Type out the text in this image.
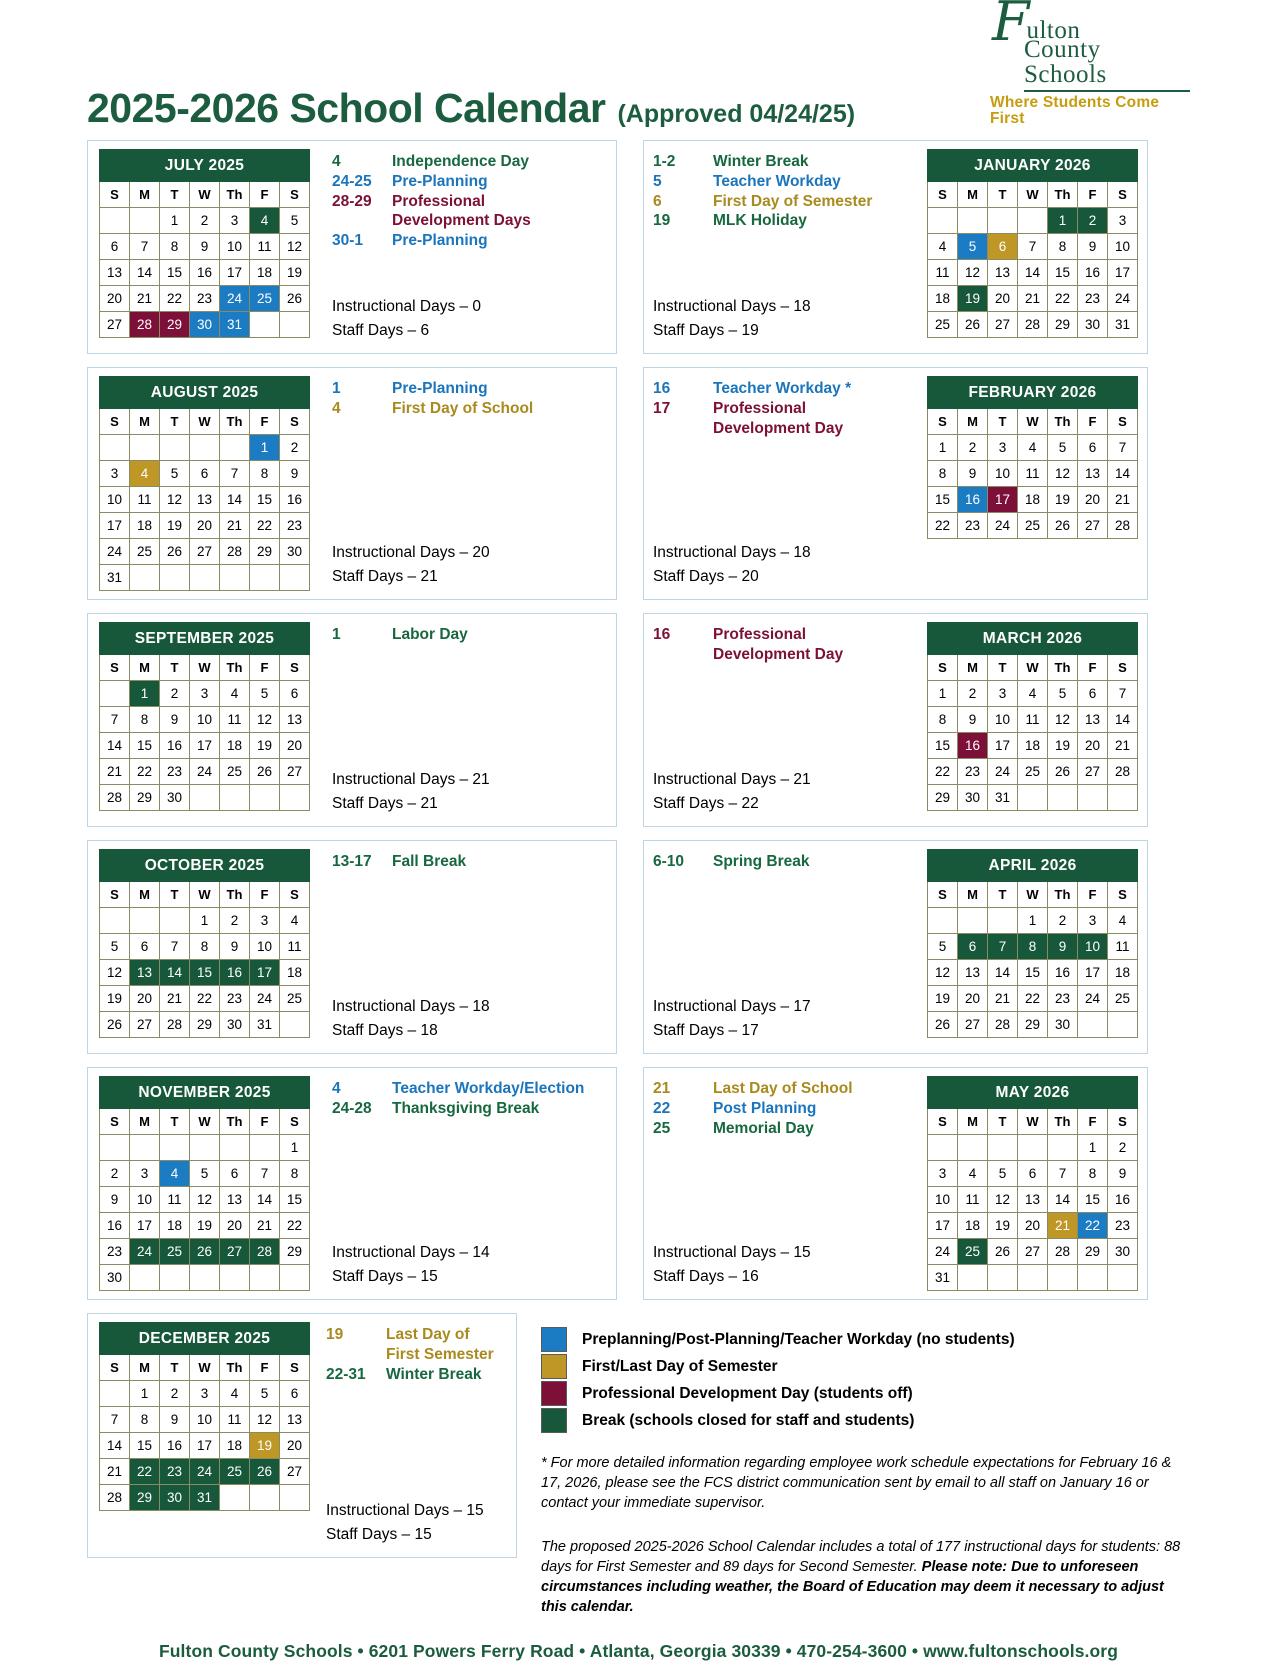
2025-2026 School Calendar (Approved 04/24/25)
F
ulton
County Schools
Where Students Come First
JULY 2025						
S	M	T	W	Th	F	S
		1	2	3	4	5
6	7	8	9	10	11	12
13	14	15	16	17	18	19
20	21	22	23	24	25	26
27	28	29	30	31		
4	Independence Day
24-25	Pre-Planning
28-29	Professional
Development Days
30-1	Pre-Planning
Instructional Days – 0
Staff Days – 6
JANUARY 2026						
S	M	T	W	Th	F	S
				1	2	3
4	5	6	7	8	9	10
11	12	13	14	15	16	17
18	19	20	21	22	23	24
25	26	27	28	29	30	31
1-2	Winter Break
5	Teacher Workday
6	First Day of Semester
19	MLK Holiday
Instructional Days – 18
Staff Days – 19
AUGUST 2025						
S	M	T	W	Th	F	S
					1	2
3	4	5	6	7	8	9
10	11	12	13	14	15	16
17	18	19	20	21	22	23
24	25	26	27	28	29	30
31						
1	Pre-Planning
4	First Day of School
Instructional Days – 20
Staff Days – 21
FEBRUARY 2026						
S	M	T	W	Th	F	S
1	2	3	4	5	6	7
8	9	10	11	12	13	14
15	16	17	18	19	20	21
22	23	24	25	26	27	28
16	Teacher Workday *
17	Professional
Development Day
Instructional Days – 18
Staff Days – 20
SEPTEMBER 2025						
S	M	T	W	Th	F	S
	1	2	3	4	5	6
7	8	9	10	11	12	13
14	15	16	17	18	19	20
21	22	23	24	25	26	27
28	29	30				
1	Labor Day
Instructional Days – 21
Staff Days – 21
MARCH 2026						
S	M	T	W	Th	F	S
1	2	3	4	5	6	7
8	9	10	11	12	13	14
15	16	17	18	19	20	21
22	23	24	25	26	27	28
29	30	31				
16	Professional
Development Day
Instructional Days – 21
Staff Days – 22
OCTOBER 2025						
S	M	T	W	Th	F	S
			1	2	3	4
5	6	7	8	9	10	11
12	13	14	15	16	17	18
19	20	21	22	23	24	25
26	27	28	29	30	31	
13-17	Fall Break
Instructional Days – 18
Staff Days – 18
APRIL 2026						
S	M	T	W	Th	F	S
			1	2	3	4
5	6	7	8	9	10	11
12	13	14	15	16	17	18
19	20	21	22	23	24	25
26	27	28	29	30		
6-10	Spring Break
Instructional Days – 17
Staff Days – 17
NOVEMBER 2025						
S	M	T	W	Th	F	S
						1
2	3	4	5	6	7	8
9	10	11	12	13	14	15
16	17	18	19	20	21	22
23	24	25	26	27	28	29
30						
4	Teacher Workday/Election
24-28	Thanksgiving Break
Instructional Days – 14
Staff Days – 15
MAY 2026						
S	M	T	W	Th	F	S
					1	2
3	4	5	6	7	8	9
10	11	12	13	14	15	16
17	18	19	20	21	22	23
24	25	26	27	28	29	30
31						
21	Last Day of School
22	Post Planning
25	Memorial Day
Instructional Days – 15
Staff Days – 16
DECEMBER 2025						
S	M	T	W	Th	F	S
	1	2	3	4	5	6
7	8	9	10	11	12	13
14	15	16	17	18	19	20
21	22	23	24	25	26	27
28	29	30	31			
19	Last Day of
First Semester
22-31	Winter Break
Instructional Days – 15
Staff Days – 15
Preplanning/Post-Planning/Teacher Workday (no students)
First/Last Day of Semester
Professional Development Day (students off)
Break (schools closed for staff and students)

* For more detailed information regarding employee work schedule expectations for February 16 & 17, 2026, please see the FCS district communication sent by email to all staff on January 16 or contact your immediate supervisor.

The proposed 2025-2026 School Calendar includes a total of 177 instructional days for students: 88 days for First Semester and 89 days for Second Semester. Please note: Due to unforeseen circumstances including weather, the Board of Education may deem it necessary to adjust this calendar.

Fulton County Schools • 6201 Powers Ferry Road • Atlanta, Georgia 30339 • 470-254-3600 • www.fultonschools.org
